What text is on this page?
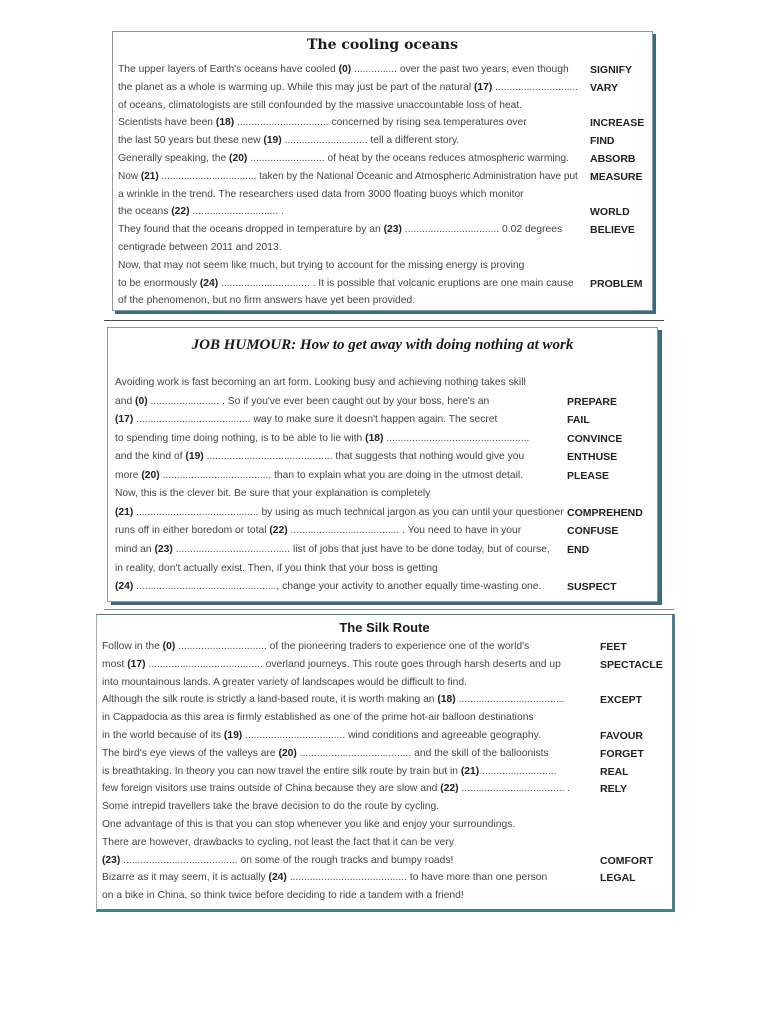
The cooling oceans
The upper layers of Earth's oceans have cooled (0) ............... over the past two years, even though
the planet as a whole is warming up. While this may just be part of the natural (17) .............................
of oceans, climatologists are still confounded by the massive unaccountable loss of heat.
Scientists have been (18) ................................ concerned by rising sea temperatures over
the last 50 years but these new (19) ............................. tell a different story.
Generally speaking, the (20) .......................... of heat by the oceans reduces atmospheric warming.
Now (21) .................................. taken by the National Oceanic and Atmospheric Administration have put
a wrinkle in the trend. The researchers used data from 3000 floating buoys which monitor
the oceans (22) .............................. .
They found that the oceans dropped in temperature by an (23) ................................. 0.02 degrees
centigrade between 2011 and 2013.
Now, that may not seem like much, but trying to account for the missing energy is proving
to be enormously (24) ............................... . It is possible that volcanic eruptions are one main cause
of the phenomenon, but no firm answers have yet been provided.
SIGNIFY
VARY
INCREASE
FIND
ABSORB
MEASURE
WORLD
BELIEVE
PROBLEM
JOB HUMOUR: How to get away with doing nothing at work
Avoiding work is fast becoming an art form. Looking busy and achieving nothing takes skill
and (0) ........................ . So if you've ever been caught out by your boss, here's an
(17) ........................................ way to make sure it doesn't happen again. The secret
to spending time doing nothing, is to be able to lie with (18) ..................................................
and the kind of (19) ............................................ that suggests that nothing would give you
more (20) ...................................... than to explain what you are doing in the utmost detail.
Now, this is the clever bit. Be sure that your explanation is completely
(21) ........................................... by using as much technical jargon as you can until your questioner
runs off in either boredom or total (22) ...................................... . You need to have in your
mind an (23) ........................................ list of jobs that just have to be done today, but of course,
in reality, don't actually exist. Then, if you think that your boss is getting
(24) ................................................., change your activity to another equally time-wasting one.
PREPARE
FAIL
CONVINCE
ENTHUSE
PLEASE
COMPREHEND
CONFUSE
END
SUSPECT
The Silk Route
Follow in the (0) ............................... of the pioneering traders to experience one of the world's
most (17) ........................................ overland journeys. This route goes through harsh deserts and up
into mountainous lands. A greater variety of landscapes would be difficult to find.
Although the silk route is strictly a land-based route, it is worth making an (18) .....................................
in Cappadocia as this area is firmly established as one of the prime hot-air balloon destinations
in the world because of its (19) ................................... wind conditions and agreeable geography.
The bird's eye views of the valleys are (20) ....................................... and the skill of the balloonists
is breathtaking. In theory you can now travel the entire silk route by train but in (21) ..........................
few foreign visitors use trains outside of China because they are slow and (22) .................................... .
Some intrepid travellers take the brave decision to do the route by cycling.
One advantage of this is that you can stop whenever you like and enjoy your surroundings.
There are however, drawbacks to cycling, not least the fact that it can be very
(23) ........................................ on some of the rough tracks and bumpy roads!
Bizarre as it may seem, it is actually (24) ......................................... to have more than one person
on a bike in China, so think twice before deciding to ride a tandem with a friend!
FEET
SPECTACLE
EXCEPT
FAVOUR
FORGET
REAL
RELY
COMFORT
LEGAL
